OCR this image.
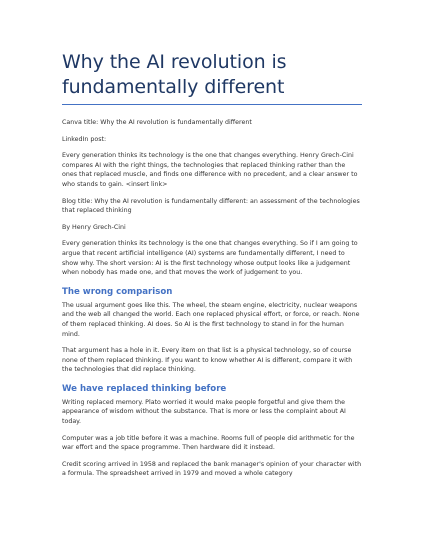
Why the AI revolution is fundamentally different

Canva title: Why the AI revolution is fundamentally different

LinkedIn post:

Every generation thinks its technology is the one that changes everything. Henry Grech-Cini compares AI with the right things, the technologies that replaced thinking rather than the ones that replaced muscle, and finds one difference with no precedent, and a clear answer to who stands to gain. <insert link>

Blog title: Why the AI revolution is fundamentally different: an assessment of the technologies that replaced thinking

By Henry Grech-Cini

Every generation thinks its technology is the one that changes everything. So if I am going to argue that recent artificial intelligence (AI) systems are fundamentally different, I need to show why. The short version: AI is the first technology whose output looks like a judgement when nobody has made one, and that moves the work of judgement to you.

The wrong comparison

The usual argument goes like this. The wheel, the steam engine, electricity, nuclear weapons and the web all changed the world. Each one replaced physical effort, or force, or reach. None of them replaced thinking. AI does. So AI is the first technology to stand in for the human mind.

That argument has a hole in it. Every item on that list is a physical technology, so of course none of them replaced thinking. If you want to know whether AI is different, compare it with the technologies that did replace thinking.

We have replaced thinking before

Writing replaced memory. Plato worried it would make people forgetful and give them the appearance of wisdom without the substance. That is more or less the complaint about AI today.

Computer was a job title before it was a machine. Rooms full of people did arithmetic for the war effort and the space programme. Then hardware did it instead.

Credit scoring arrived in 1958 and replaced the bank manager's opinion of your character with a formula. The spreadsheet arrived in 1979 and moved a whole category
